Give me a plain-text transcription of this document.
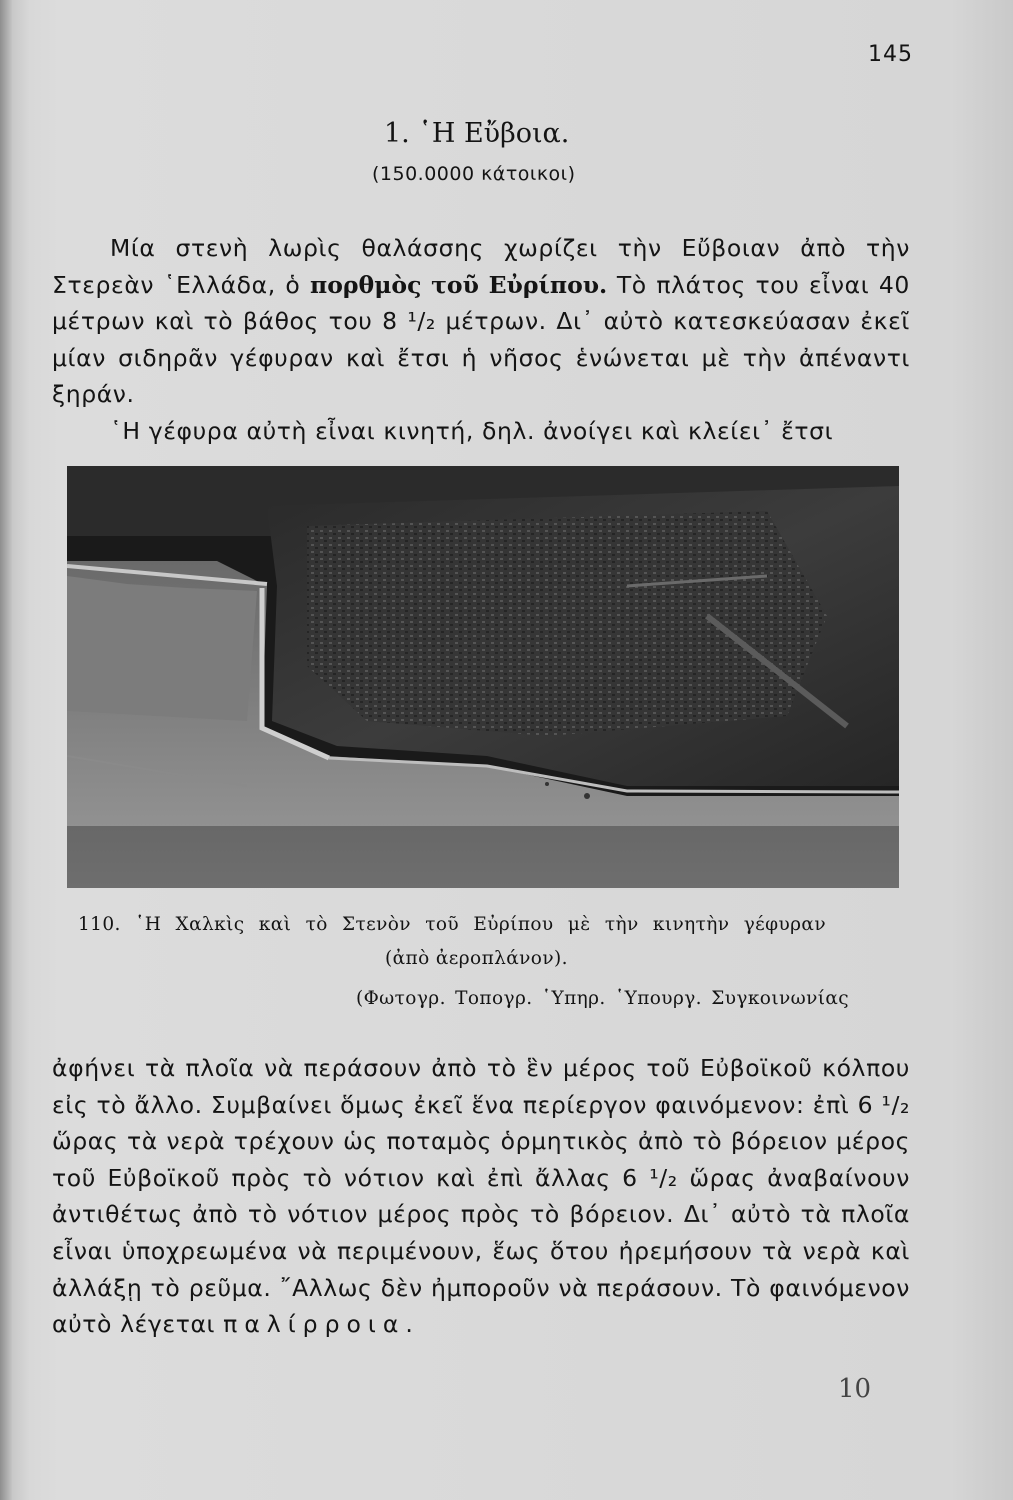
145
1. ῾Η Εὔβοια.
(150.0000 κάτοικοι)
Μία στενὴ λωρὶς θαλάσσης χωρίζει τὴν Εὔβοιαν ἀπὸ τὴν Στερεὰν ῾Ελλάδα, ὁ πορθμὸς τοῦ Εὐρίπου. Τὸ πλάτος του εἶναι 40 μέτρων καὶ τὸ βάθος του 8 ¹/₂ μέτρων. Δι᾿ αὐτὸ κατεσκεύασαν ἐκεῖ μίαν σιδηρᾶν γέφυραν καὶ ἔτσι ἡ νῆσος ἑνώνεται μὲ τὴν ἀπέναντι ξηράν.
῾Η γέφυρα αὐτὴ εἶναι κινητή, δηλ. ἀνοίγει καὶ κλείει᾿ ἔτσι
110. ῾Η Χαλκὶς καὶ τὸ Στενὸν τοῦ Εὐρίπου μὲ τὴν κινητὴν γέφυραν
(ἀπὸ ἀεροπλάνον).
(Φωτογρ. Τοπογρ. ῾Υπηρ. ῾Υπουργ. Συγκοινωνίας
ἀφήνει τὰ πλοῖα νὰ περάσουν ἀπὸ τὸ ἓν μέρος τοῦ Εὐβοϊκοῦ κόλπου εἰς τὸ ἄλλο. Συμβαίνει ὅμως ἐκεῖ ἕνα περίεργον φαινόμενον: ἐπὶ 6 ¹/₂ ὥρας τὰ νερὰ τρέχουν ὡς ποταμὸς ὁρμητικὸς ἀπὸ τὸ βόρειον μέρος τοῦ Εὐβοϊκοῦ πρὸς τὸ νότιον καὶ ἐπὶ ἄλλας 6 ¹/₂ ὥρας ἀναβαίνουν ἀντιθέτως ἀπὸ τὸ νότιον μέρος πρὸς τὸ βόρειον. Δι᾿ αὐτὸ τὰ πλοῖα εἶναι ὑποχρεωμένα νὰ περιμένουν, ἕως ὅτου ἠρεμήσουν τὰ νερὰ καὶ ἀλλάξῃ τὸ ρεῦμα. ῎Αλλως δὲν ἠμποροῦν νὰ περάσουν. Τὸ φαινόμενον αὐτὸ λέγεται παλίρροια.
10
